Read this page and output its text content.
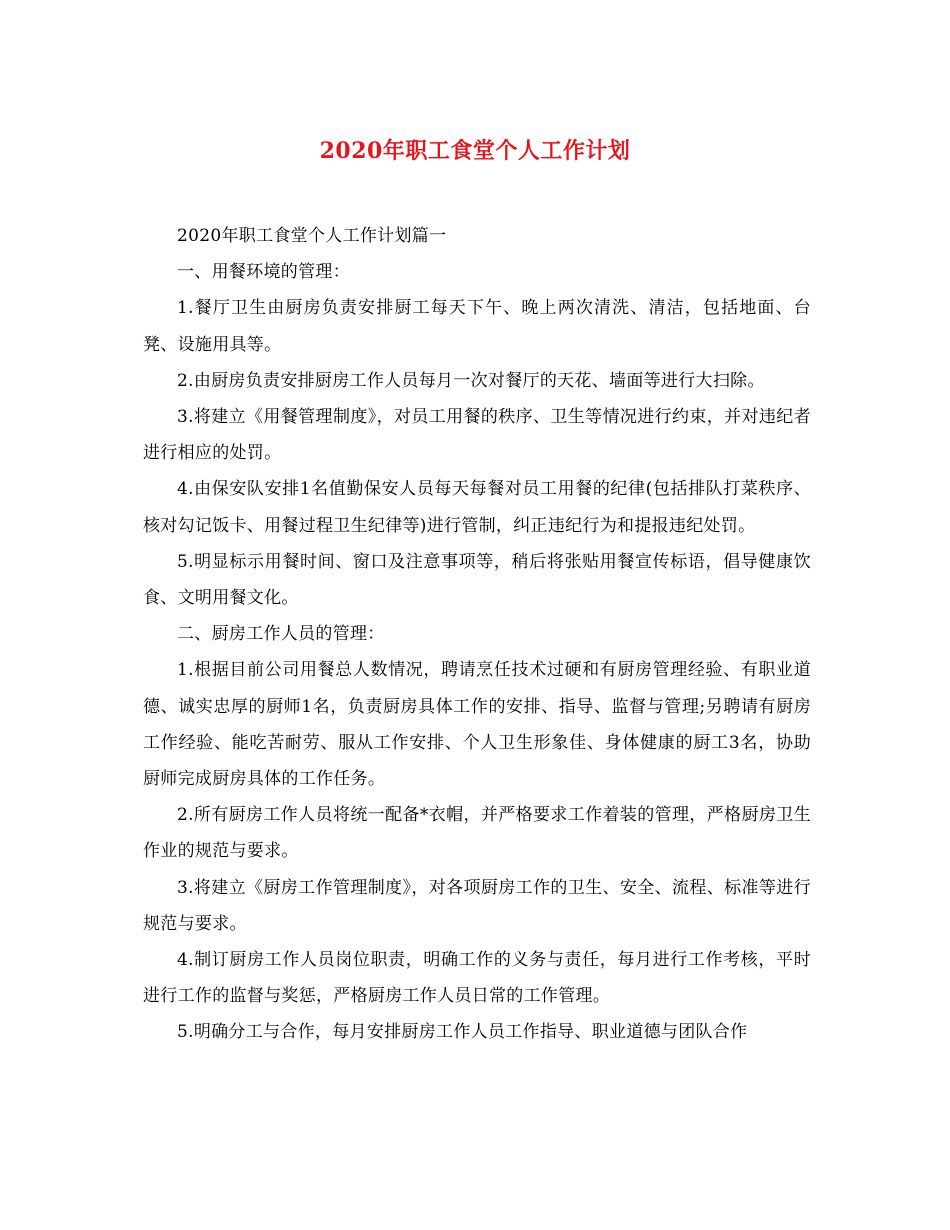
2020年职工食堂个人工作计划

2020年职工食堂个人工作计划篇一

一、用餐环境的管理：

1.餐厅卫生由厨房负责安排厨工每天下午、晚上两次清洗、清洁，包括地面、台凳、设施用具等。

2.由厨房负责安排厨房工作人员每月一次对餐厅的天花、墙面等进行大扫除。

3.将建立《用餐管理制度》，对员工用餐的秩序、卫生等情况进行约束，并对违纪者进行相应的处罚。

4.由保安队安排1名值勤保安人员每天每餐对员工用餐的纪律(包括排队打菜秩序、核对勾记饭卡、用餐过程卫生纪律等)进行管制，纠正违纪行为和提报违纪处罚。

5.明显标示用餐时间、窗口及注意事项等，稍后将张贴用餐宣传标语，倡导健康饮食、文明用餐文化。

二、厨房工作人员的管理：

1.根据目前公司用餐总人数情况，聘请烹任技术过硬和有厨房管理经验、有职业道德、诚实忠厚的厨师1名，负责厨房具体工作的安排、指导、监督与管理;另聘请有厨房工作经验、能吃苦耐劳、服从工作安排、个人卫生形象佳、身体健康的厨工3名，协助厨师完成厨房具体的工作任务。

2.所有厨房工作人员将统一配备*衣帽，并严格要求工作着装的管理，严格厨房卫生作业的规范与要求。

3.将建立《厨房工作管理制度》，对各项厨房工作的卫生、安全、流程、标准等进行规范与要求。

4.制订厨房工作人员岗位职责，明确工作的义务与责任，每月进行工作考核，平时进行工作的监督与奖惩，严格厨房工作人员日常的工作管理。

5.明确分工与合作，每月安排厨房工作人员工作指导、职业道德与团队合作
